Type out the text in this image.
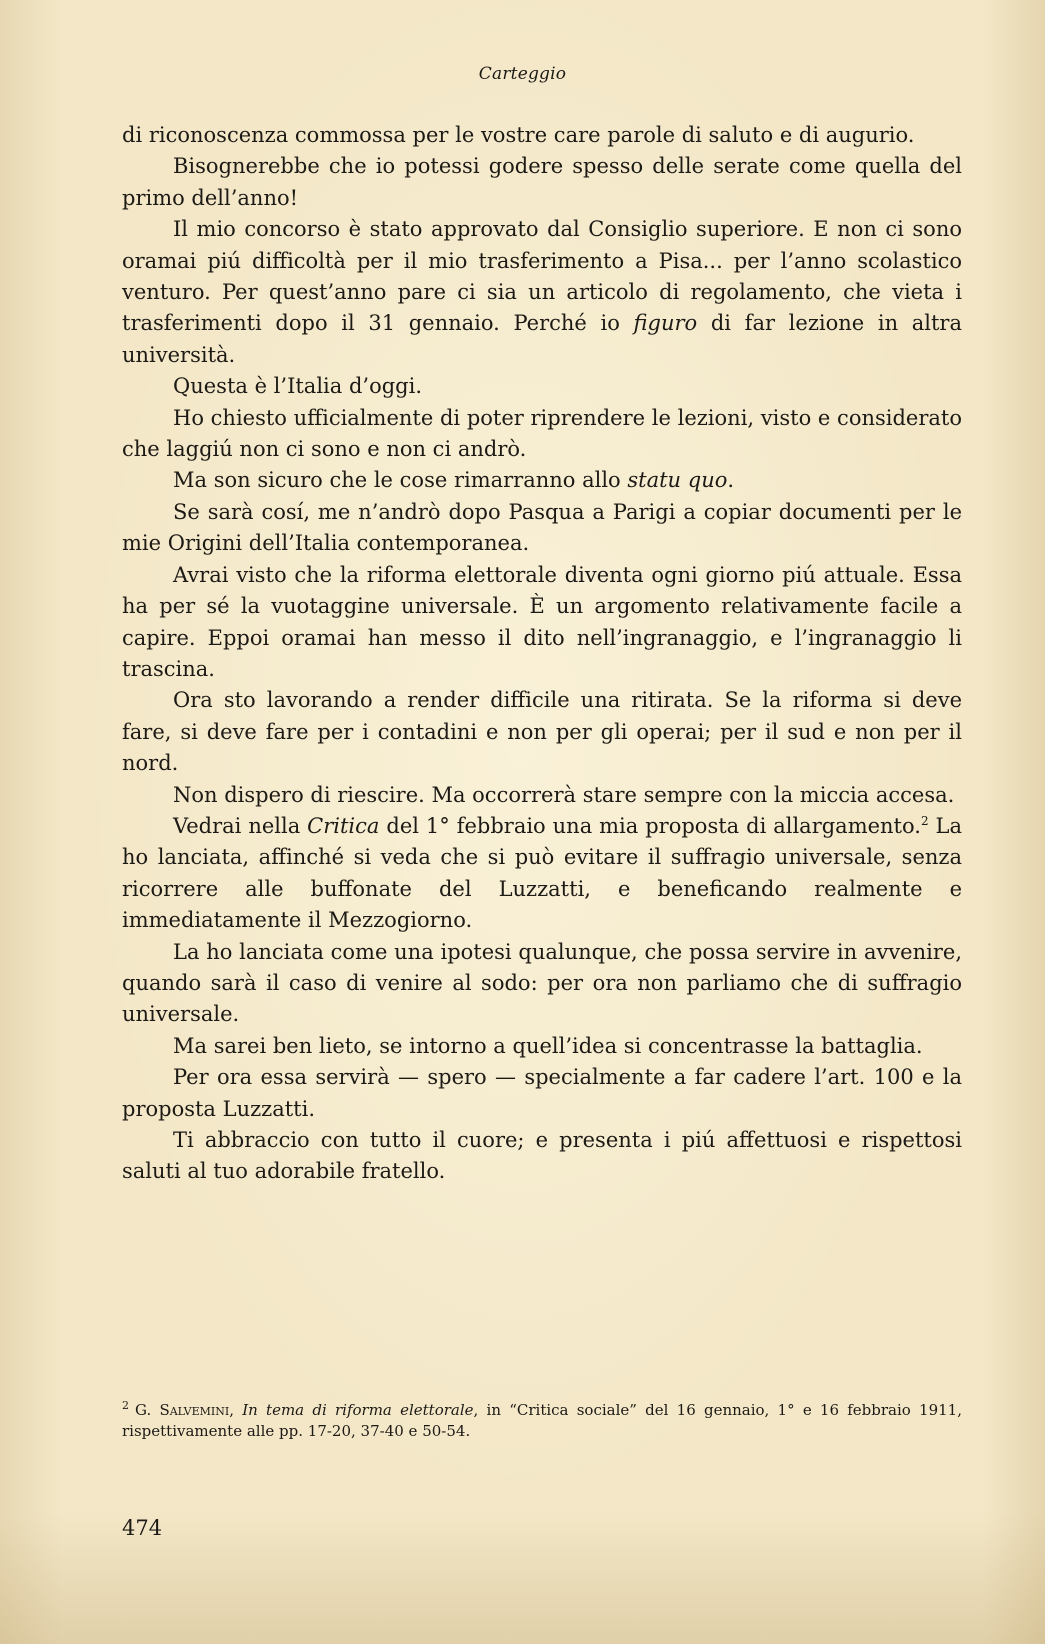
Carteggio

di riconoscenza commossa per le vostre care parole di saluto e di augurio.

Bisognerebbe che io potessi godere spesso delle serate come quella del primo dell’anno!

Il mio concorso è stato approvato dal Consiglio superiore. E non ci sono oramai piú difficoltà per il mio trasferimento a Pisa... per l’anno scolastico venturo. Per quest’anno pare ci sia un articolo di regolamento, che vieta i trasferimenti dopo il 31 gennaio. Perché io figuro di far lezione in altra università.

Questa è l’Italia d’oggi.

Ho chiesto ufficialmente di poter riprendere le lezioni, visto e considerato che laggiú non ci sono e non ci andrò.

Ma son sicuro che le cose rimarranno allo statu quo.

Se sarà cosí, me n’andrò dopo Pasqua a Parigi a copiar documenti per le mie Origini dell’Italia contemporanea.

Avrai visto che la riforma elettorale diventa ogni giorno piú attuale. Essa ha per sé la vuotaggine universale. È un argomento relativamente facile a capire. Eppoi oramai han messo il dito nell’ingranaggio, e l’ingranaggio li trascina.

Ora sto lavorando a render difficile una ritirata. Se la riforma si deve fare, si deve fare per i contadini e non per gli operai; per il sud e non per il nord.

Non dispero di riescire. Ma occorrerà stare sempre con la miccia accesa.

Vedrai nella Critica del 1° febbraio una mia proposta di allargamento.$^2$ La ho lanciata, affinché si veda che si può evitare il suffragio universale, senza ricorrere alle buffonate del Luzzatti, e beneficando realmente e immediatamente il Mezzogiorno.

La ho lanciata come una ipotesi qualunque, che possa servire in avvenire, quando sarà il caso di venire al sodo: per ora non parliamo che di suffragio universale.

Ma sarei ben lieto, se intorno a quell’idea si concentrasse la battaglia.

Per ora essa servirà — spero — specialmente a far cadere l’art. 100 e la proposta Luzzatti.

Ti abbraccio con tutto il cuore; e presenta i piú affettuosi e rispettosi saluti al tuo adorabile fratello.

$^2$ G. Salvemini, In tema di riforma elettorale, in “Critica sociale” del 16 gennaio, 1° e 16 febbraio 1911, rispettivamente alle pp. 17-20, 37-40 e 50-54.
474
